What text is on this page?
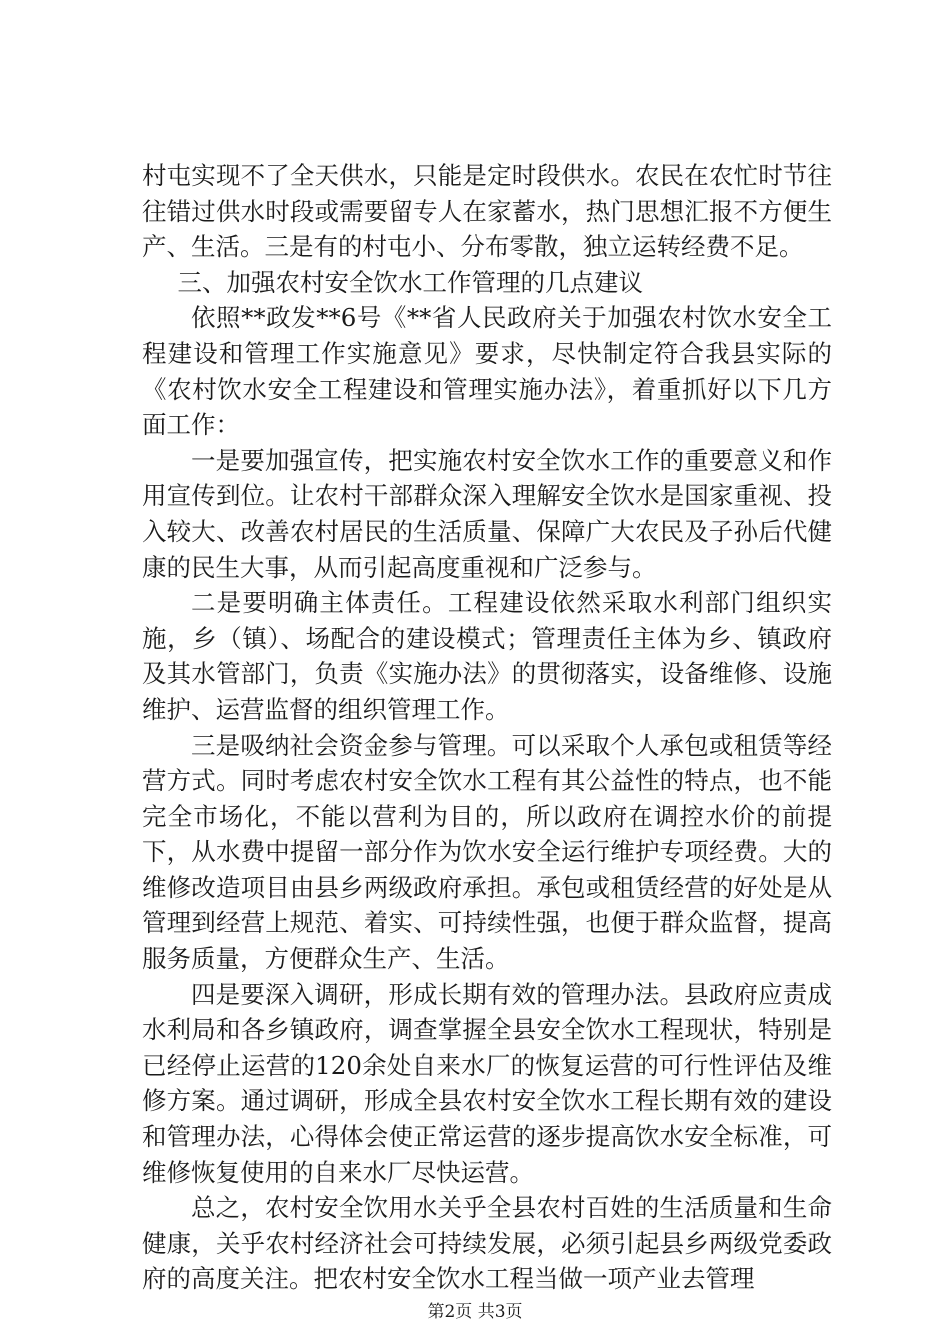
村屯实现不了全天供水，只能是定时段供水。农民在农忙时节往往错过供水时段或需要留专人在家蓄水，热门思想汇报不方便生产、生活。三是有的村屯小、分布零散，独立运转经费不足。

三、加强农村安全饮水工作管理的几点建议

依照**政发**6号《**省人民政府关于加强农村饮水安全工程建设和管理工作实施意见》要求，尽快制定符合我县实际的《农村饮水安全工程建设和管理实施办法》，着重抓好以下几方面工作：

一是要加强宣传，把实施农村安全饮水工作的重要意义和作用宣传到位。让农村干部群众深入理解安全饮水是国家重视、投入较大、改善农村居民的生活质量、保障广大农民及子孙后代健康的民生大事，从而引起高度重视和广泛参与。

二是要明确主体责任。工程建设依然采取水利部门组织实施，乡（镇）、场配合的建设模式；管理责任主体为乡、镇政府及其水管部门，负责《实施办法》的贯彻落实，设备维修、设施维护、运营监督的组织管理工作。

三是吸纳社会资金参与管理。可以采取个人承包或租赁等经营方式。同时考虑农村安全饮水工程有其公益性的特点，也不能完全市场化，不能以营利为目的，所以政府在调控水价的前提下，从水费中提留一部分作为饮水安全运行维护专项经费。大的维修改造项目由县乡两级政府承担。承包或租赁经营的好处是从管理到经营上规范、着实、可持续性强，也便于群众监督，提高服务质量，方便群众生产、生活。

四是要深入调研，形成长期有效的管理办法。县政府应责成水利局和各乡镇政府，调查掌握全县安全饮水工程现状，特别是已经停止运营的120余处自来水厂的恢复运营的可行性评估及维修方案。通过调研，形成全县农村安全饮水工程长期有效的建设和管理办法，心得体会使正常运营的逐步提高饮水安全标准，可维修恢复使用的自来水厂尽快运营。

总之，农村安全饮用水关乎全县农村百姓的生活质量和生命健康，关乎农村经济社会可持续发展，必须引起县乡两级党委政府的高度关注。把农村安全饮水工程当做一项产业去管理

第2页 共3页
